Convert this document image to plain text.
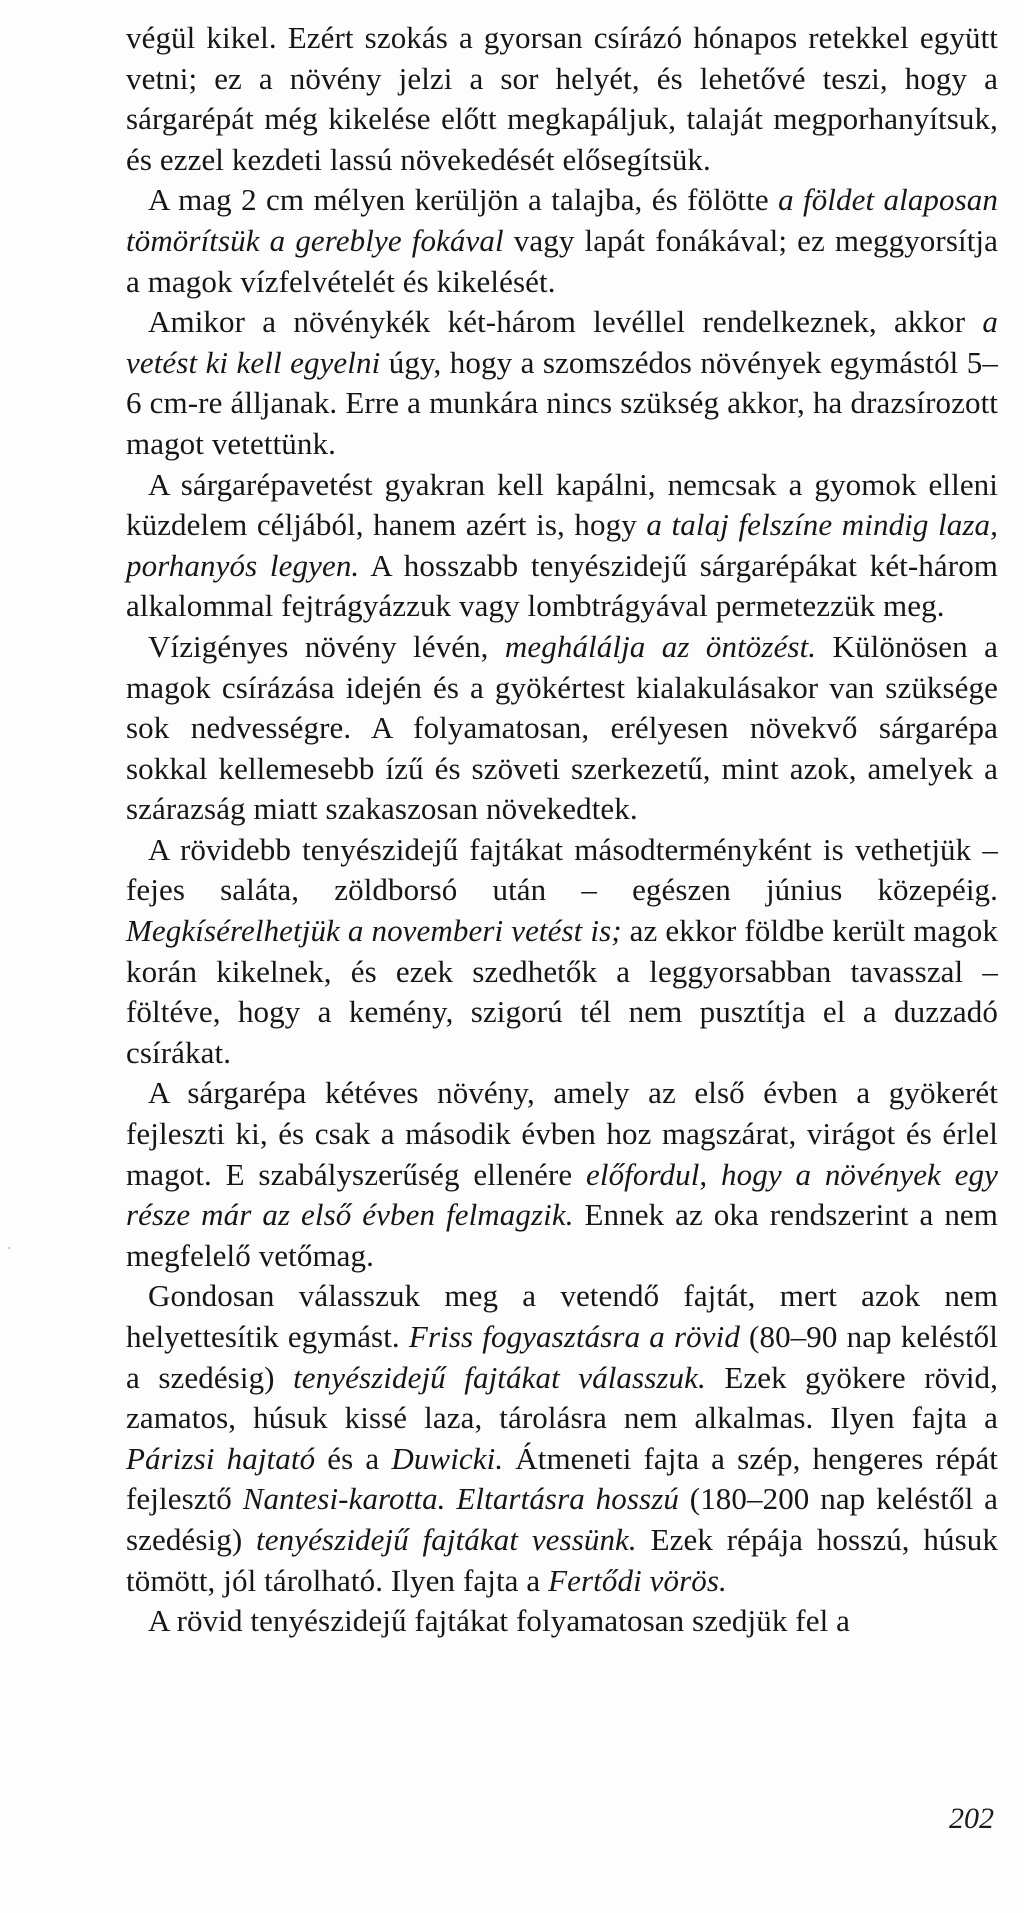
végül kikel. Ezért szokás a gyorsan csírázó hónapos retekkel együtt vetni; ez a növény jelzi a sor helyét, és lehetővé teszi, hogy a sárgarépát még kikelése előtt megkapáljuk, talaját megporhanyítsuk, és ezzel kezdeti lassú növekedését elősegítsük.

A mag 2 cm mélyen kerüljön a talajba, és fölötte a földet alaposan tömörítsük a gereblye fokával vagy lapát fonákával; ez meggyorsítja a magok vízfelvételét és kikelését.

Amikor a növénykék két-három levéllel rendelkeznek, akkor a vetést ki kell egyelni úgy, hogy a szomszédos növények egymástól 5–6 cm-re álljanak. Erre a munkára nincs szükség akkor, ha drazsírozott magot vetettünk.

A sárgarépavetést gyakran kell kapálni, nemcsak a gyomok elleni küzdelem céljából, hanem azért is, hogy a talaj felszíne mindig laza, porhanyós legyen. A hosszabb tenyészidejű sárgarépákat két-három alkalommal fejtrágyázzuk vagy lombtrágyával permetezzük meg.

Vízigényes növény lévén, meghálálja az öntözést. Különösen a magok csírázása idején és a gyökértest kialakulásakor van szüksége sok nedvességre. A folyamatosan, erélyesen növekvő sárgarépa sokkal kellemesebb ízű és szöveti szerkezetű, mint azok, amelyek a szárazság miatt szakaszosan növekedtek.

A rövidebb tenyészidejű fajtákat másodterményként is vethetjük – fejes saláta, zöldborsó után – egészen június közepéig. Megkísérelhetjük a novemberi vetést is; az ekkor földbe került magok korán kikelnek, és ezek szedhetők a leggyorsabban tavasszal – föltéve, hogy a kemény, szigorú tél nem pusztítja el a duzzadó csírákat.

A sárgarépa kétéves növény, amely az első évben a gyökerét fejleszti ki, és csak a második évben hoz magszárat, virágot és érlel magot. E szabályszerűség ellenére előfordul, hogy a növények egy része már az első évben felmagzik. Ennek az oka rendszerint a nem megfelelő vetőmag.

Gondosan válasszuk meg a vetendő fajtát, mert azok nem helyettesítik egymást. Friss fogyasztásra a rövid (80–90 nap keléstől a szedésig) tenyészidejű fajtákat válasszuk. Ezek gyökere rövid, zamatos, húsuk kissé laza, tárolásra nem alkalmas. Ilyen fajta a Párizsi hajtató és a Duwicki. Átmeneti fajta a szép, hengeres répát fejlesztő Nantesi-karotta. Eltartásra hosszú (180–200 nap keléstől a szedésig) tenyészidejű fajtákat vessünk. Ezek répája hosszú, húsuk tömött, jól tárolható. Ilyen fajta a Fertődi vörös.

A rövid tenyészidejű fajtákat folyamatosan szedjük fel a

202
